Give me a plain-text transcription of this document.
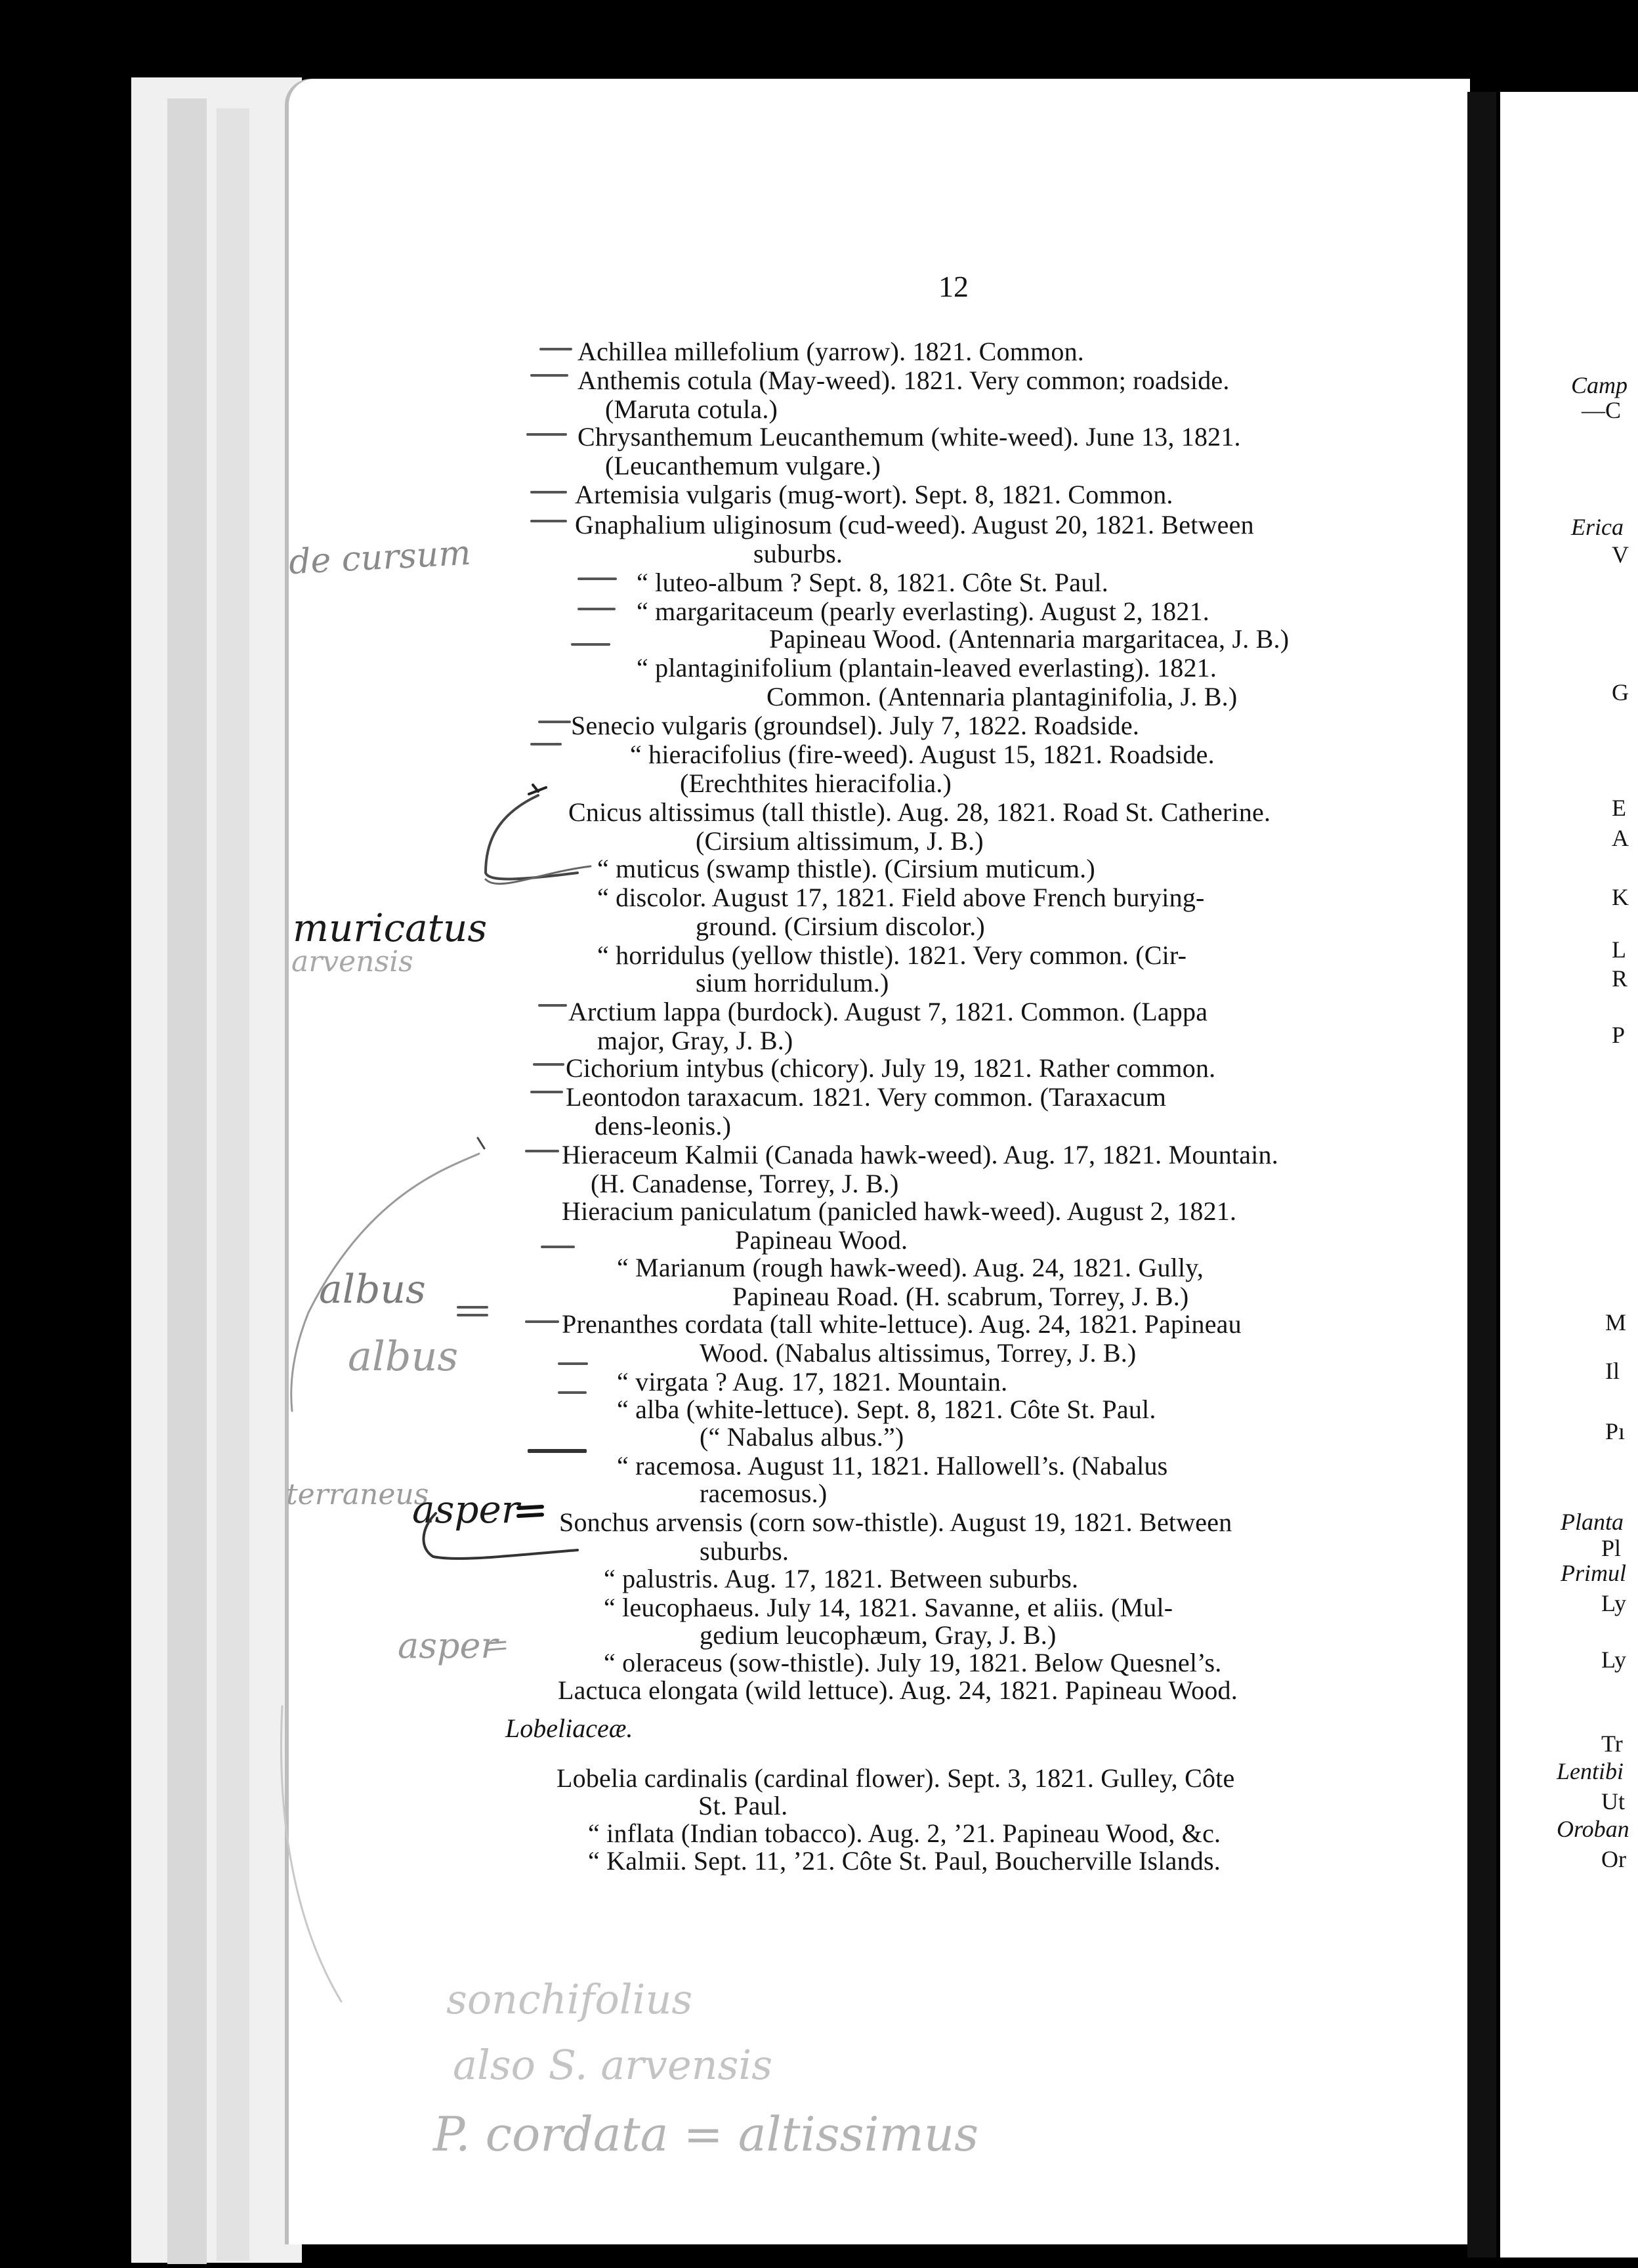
12
Achillea millefolium (yarrow). 1821. Common.
Anthemis cotula (May-weed). 1821. Very common; roadside.
(Maruta cotula.)
Chrysanthemum Leucanthemum (white-weed). June 13, 1821.
(Leucanthemum vulgare.)
Artemisia vulgaris (mug-wort). Sept. 8, 1821. Common.
Gnaphalium uliginosum (cud-weed). August 20, 1821. Between
suburbs.
“ luteo-album ? Sept. 8, 1821. Côte St. Paul.
“ margaritaceum (pearly everlasting). August 2, 1821.
Papineau Wood. (Antennaria margaritacea, J. B.)
“ plantaginifolium (plantain-leaved everlasting). 1821.
Common. (Antennaria plantaginifolia, J. B.)
Senecio vulgaris (groundsel). July 7, 1822. Roadside.
“ hieracifolius (fire-weed). August 15, 1821. Roadside.
(Erechthites hieracifolia.)
Cnicus altissimus (tall thistle). Aug. 28, 1821. Road St. Catherine.
(Cirsium altissimum, J. B.)
“ muticus (swamp thistle). (Cirsium muticum.)
“ discolor. August 17, 1821. Field above French burying-
ground. (Cirsium discolor.)
“ horridulus (yellow thistle). 1821. Very common. (Cir-
sium horridulum.)
Arctium lappa (burdock). August 7, 1821. Common. (Lappa
major, Gray, J. B.)
Cichorium intybus (chicory). July 19, 1821. Rather common.
Leontodon taraxacum. 1821. Very common. (Taraxacum
dens-leonis.)
Hieraceum Kalmii (Canada hawk-weed). Aug. 17, 1821. Mountain.
(H. Canadense, Torrey, J. B.)
Hieracium paniculatum (panicled hawk-weed). August 2, 1821.
Papineau Wood.
“ Marianum (rough hawk-weed). Aug. 24, 1821. Gully,
Papineau Road. (H. scabrum, Torrey, J. B.)
Prenanthes cordata (tall white-lettuce). Aug. 24, 1821. Papineau
Wood. (Nabalus altissimus, Torrey, J. B.)
“ virgata ? Aug. 17, 1821. Mountain.
“ alba (white-lettuce). Sept. 8, 1821. Côte St. Paul.
(“ Nabalus albus.”)
“ racemosa. August 11, 1821. Hallowell’s. (Nabalus
racemosus.)
Sonchus arvensis (corn sow-thistle). August 19, 1821. Between
suburbs.
“ palustris. Aug. 17, 1821. Between suburbs.
“ leucophaeus. July 14, 1821. Savanne, et aliis. (Mul-
gedium leucophæum, Gray, J. B.)
“ oleraceus (sow-thistle). July 19, 1821. Below Quesnel’s.
Lactuca elongata (wild lettuce). Aug. 24, 1821. Papineau Wood.
Lobeliaceæ.
Lobelia cardinalis (cardinal flower). Sept. 3, 1821. Gulley, Côte
St. Paul.
“ inflata (Indian tobacco). Aug. 2, ’21. Papineau Wood, &c.
“ Kalmii. Sept. 11, ’21. Côte St. Paul, Boucherville Islands.
de cursum
muricatus
arvensis
albus
albus
terraneus
asper
asper
sonchifolius
also S. arvensis
P. cordata = altissimus
Camp
—C
Erica
V
G
E
A
K
L
R
P
M
Il
Pı
Planta
Pl
Primul
Ly
Ly
Tr
Lentibi
Ut
Oroban
Or
